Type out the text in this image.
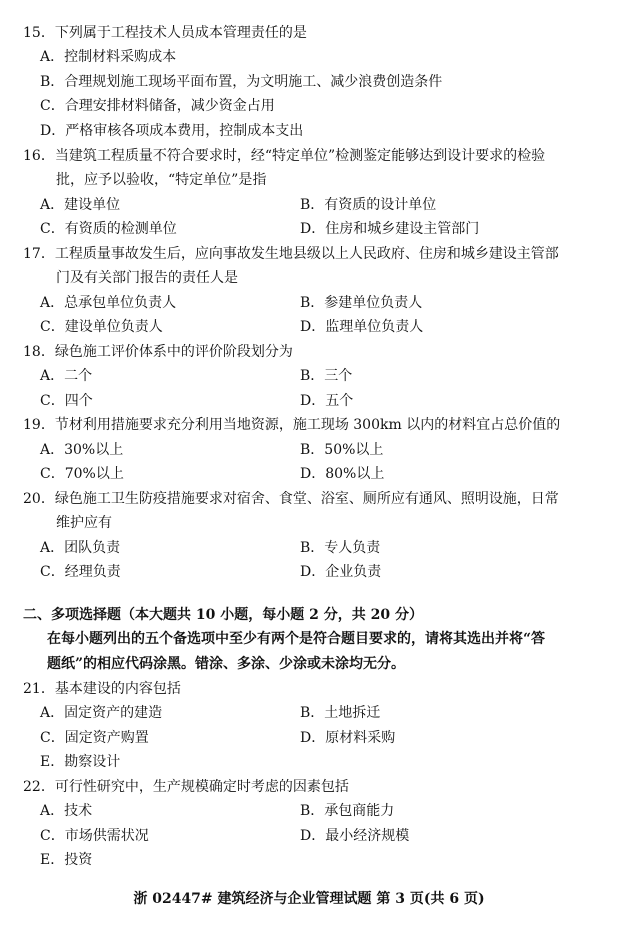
15．下列属于工程技术人员成本管理责任的是
A．控制材料采购成本
B．合理规划施工现场平面布置，为文明施工、减少浪费创造条件
C．合理安排材料储备，减少资金占用
D．严格审核各项成本费用，控制成本支出
16．当建筑工程质量不符合要求时，经“特定单位”检测鉴定能够达到设计要求的检验
批，应予以验收，“特定单位”是指
A．建设单位	B．有资质的设计单位
C．有资质的检测单位	D．住房和城乡建设主管部门
17．工程质量事故发生后，应向事故发生地县级以上人民政府、住房和城乡建设主管部
门及有关部门报告的责任人是
A．总承包单位负责人	B．参建单位负责人
C．建设单位负责人	D．监理单位负责人
18．绿色施工评价体系中的评价阶段划分为
A．二个	B．三个
C．四个	D．五个
19．节材利用措施要求充分利用当地资源，施工现场 300km 以内的材料宜占总价值的
A．30%以上	B．50%以上
C．70%以上	D．80%以上
20．绿色施工卫生防疫措施要求对宿舍、食堂、浴室、厕所应有通风、照明设施，日常
维护应有
A．团队负责	B．专人负责
C．经理负责	D．企业负责
二、多项选择题（本大题共 10 小题，每小题 2 分，共 20 分）
在每小题列出的五个备选项中至少有两个是符合题目要求的，请将其选出并将“答
题纸”的相应代码涂黑。错涂、多涂、少涂或未涂均无分。
21．基本建设的内容包括
A．固定资产的建造	B．土地拆迁
C．固定资产购置	D．原材料采购
E．勘察设计
22．可行性研究中，生产规模确定时考虑的因素包括
A．技术	B．承包商能力
C．市场供需状况	D．最小经济规模
E．投资
浙 02447# 建筑经济与企业管理试题 第 3 页(共 6 页)
